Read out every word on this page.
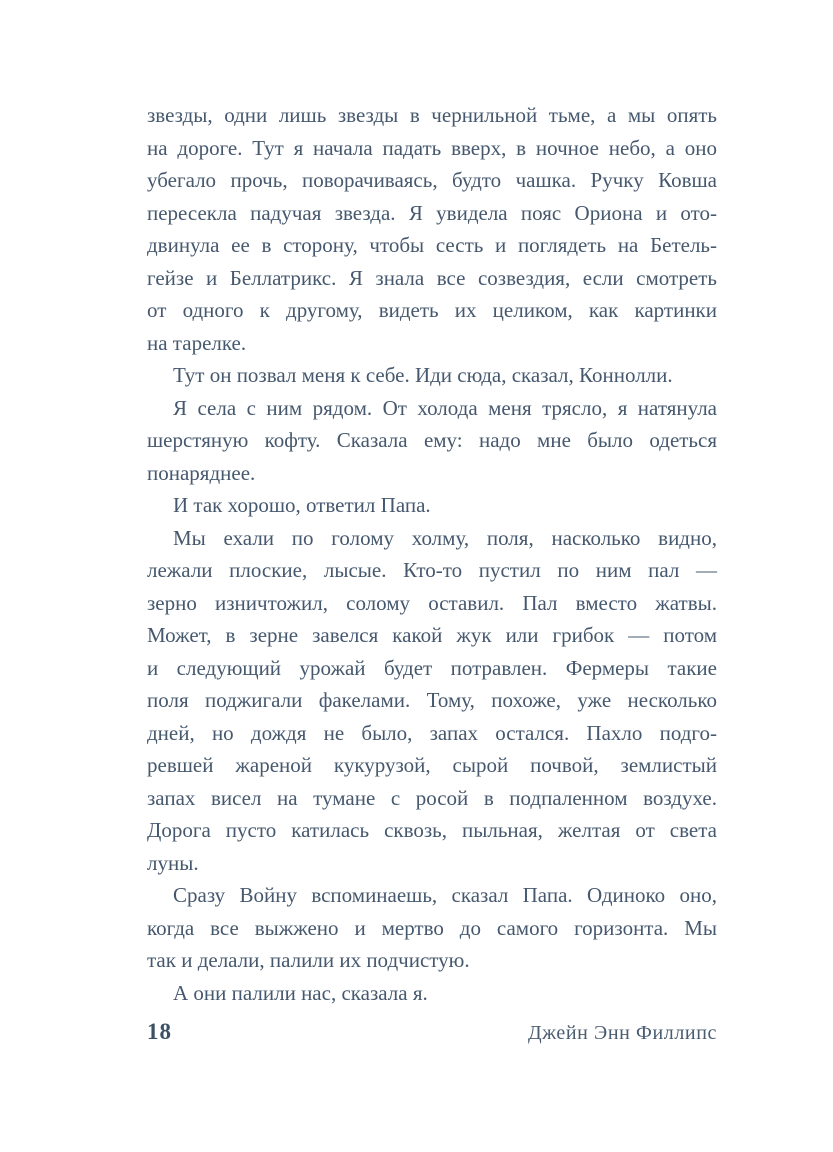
звезды, одни лишь звезды в чернильной тьме, а мы опять

на дороге. Тут я начала падать вверх, в ночное небо, а оно

убегало прочь, поворачиваясь, будто чашка. Ручку Ковша

пересекла падучая звезда. Я увидела пояс Ориона и ото-

двинула ее в сторону, чтобы сесть и поглядеть на Бетель-

гейзе и Беллатрикс. Я знала все созвездия, если смотреть

от одного к другому, видеть их целиком, как картинки

на тарелке.

Тут он позвал меня к себе. Иди сюда, сказал, Коннолли.

Я села с ним рядом. От холода меня трясло, я натянула

шерстяную кофту. Сказала ему: надо мне было одеться

понаряднее.

И так хорошо, ответил Папа.

Мы ехали по голому холму, поля, насколько видно,

лежали плоские, лысые. Кто-то пустил по ним пал —

зерно изничтожил, солому оставил. Пал вместо жатвы.

Может, в зерне завелся какой жук или грибок — потом

и следующий урожай будет потравлен. Фермеры такие

поля поджигали факелами. Тому, похоже, уже несколько

дней, но дождя не было, запах остался. Пахло подго-

ревшей жареной кукурузой, сырой почвой, землистый

запах висел на тумане с росой в подпаленном воздухе.

Дорога пусто катилась сквозь, пыльная, желтая от света

луны.

Сразу Войну вспоминаешь, сказал Папа. Одиноко оно,

когда все выжжено и мертво до самого горизонта. Мы

так и делали, палили их подчистую.

А они палили нас, сказала я.

18	Джейн Энн Филлипс
